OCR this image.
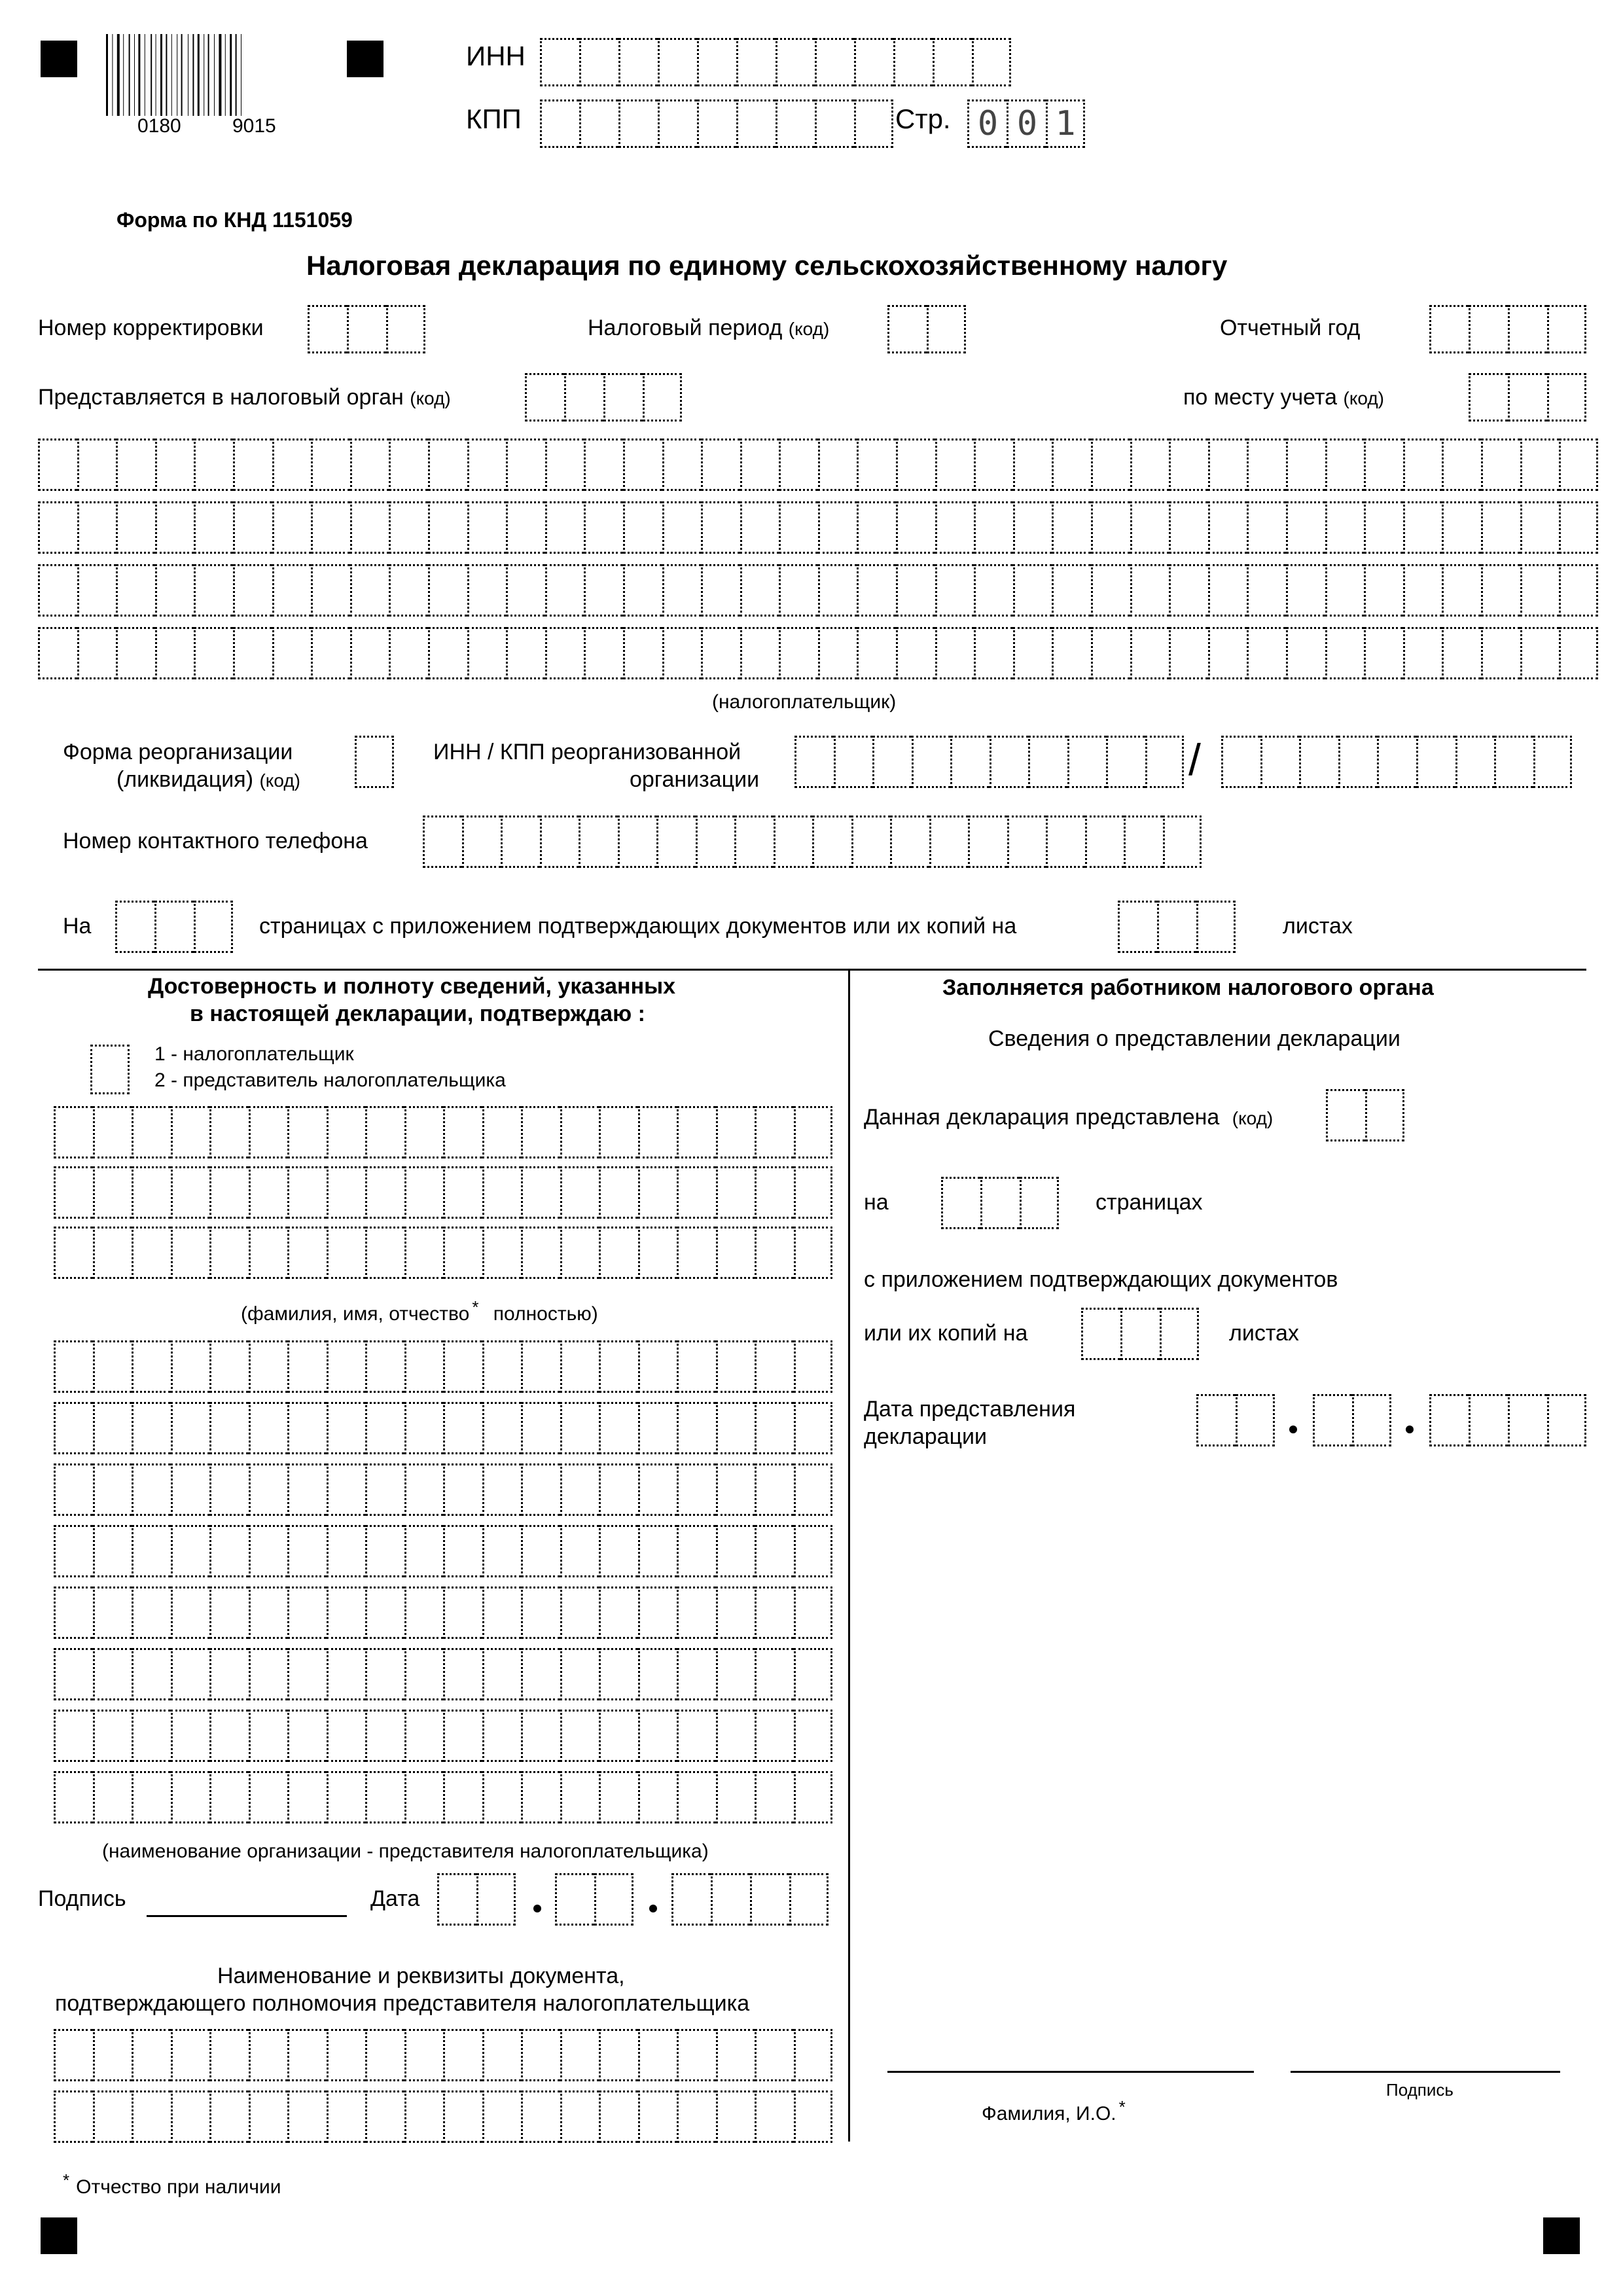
0180	9015
ИНН
КПП	Стр. 0 0 1
Форма по КНД 1151059
Налоговая декларация по единому сельскохозяйственному налогу
Номер корректировки	Налоговый период (код)	Отчетный год
Представляется в налоговый орган (код)	по месту учета (код)
(налогоплательщик)
Форма реорганизации
(ликвидация) (код)
ИНН / КПП реорганизованной
организации	/
Номер контактного телефона
На	страницах с приложением подтверждающих документов или их копий на	листах
Достоверность и полноту сведений, указанных
в настоящей декларации, подтверждаю :
1 - налогоплательщик
2 - представитель налогоплательщика
(фамилия, имя, отчество * полностью)
(наименование организации - представителя налогоплательщика)
Подпись	Дата
Наименование и реквизиты документа,
подтверждающего полномочия представителя налогоплательщика
* Отчество при наличии
Заполняется работником налогового органа
Сведения о представлении декларации
Данная декларация представлена (код)
на	страницах
с приложением подтверждающих документов
или их копий на	листах
Дата представления
декларации
Фамилия, И.О. *
Подпись
